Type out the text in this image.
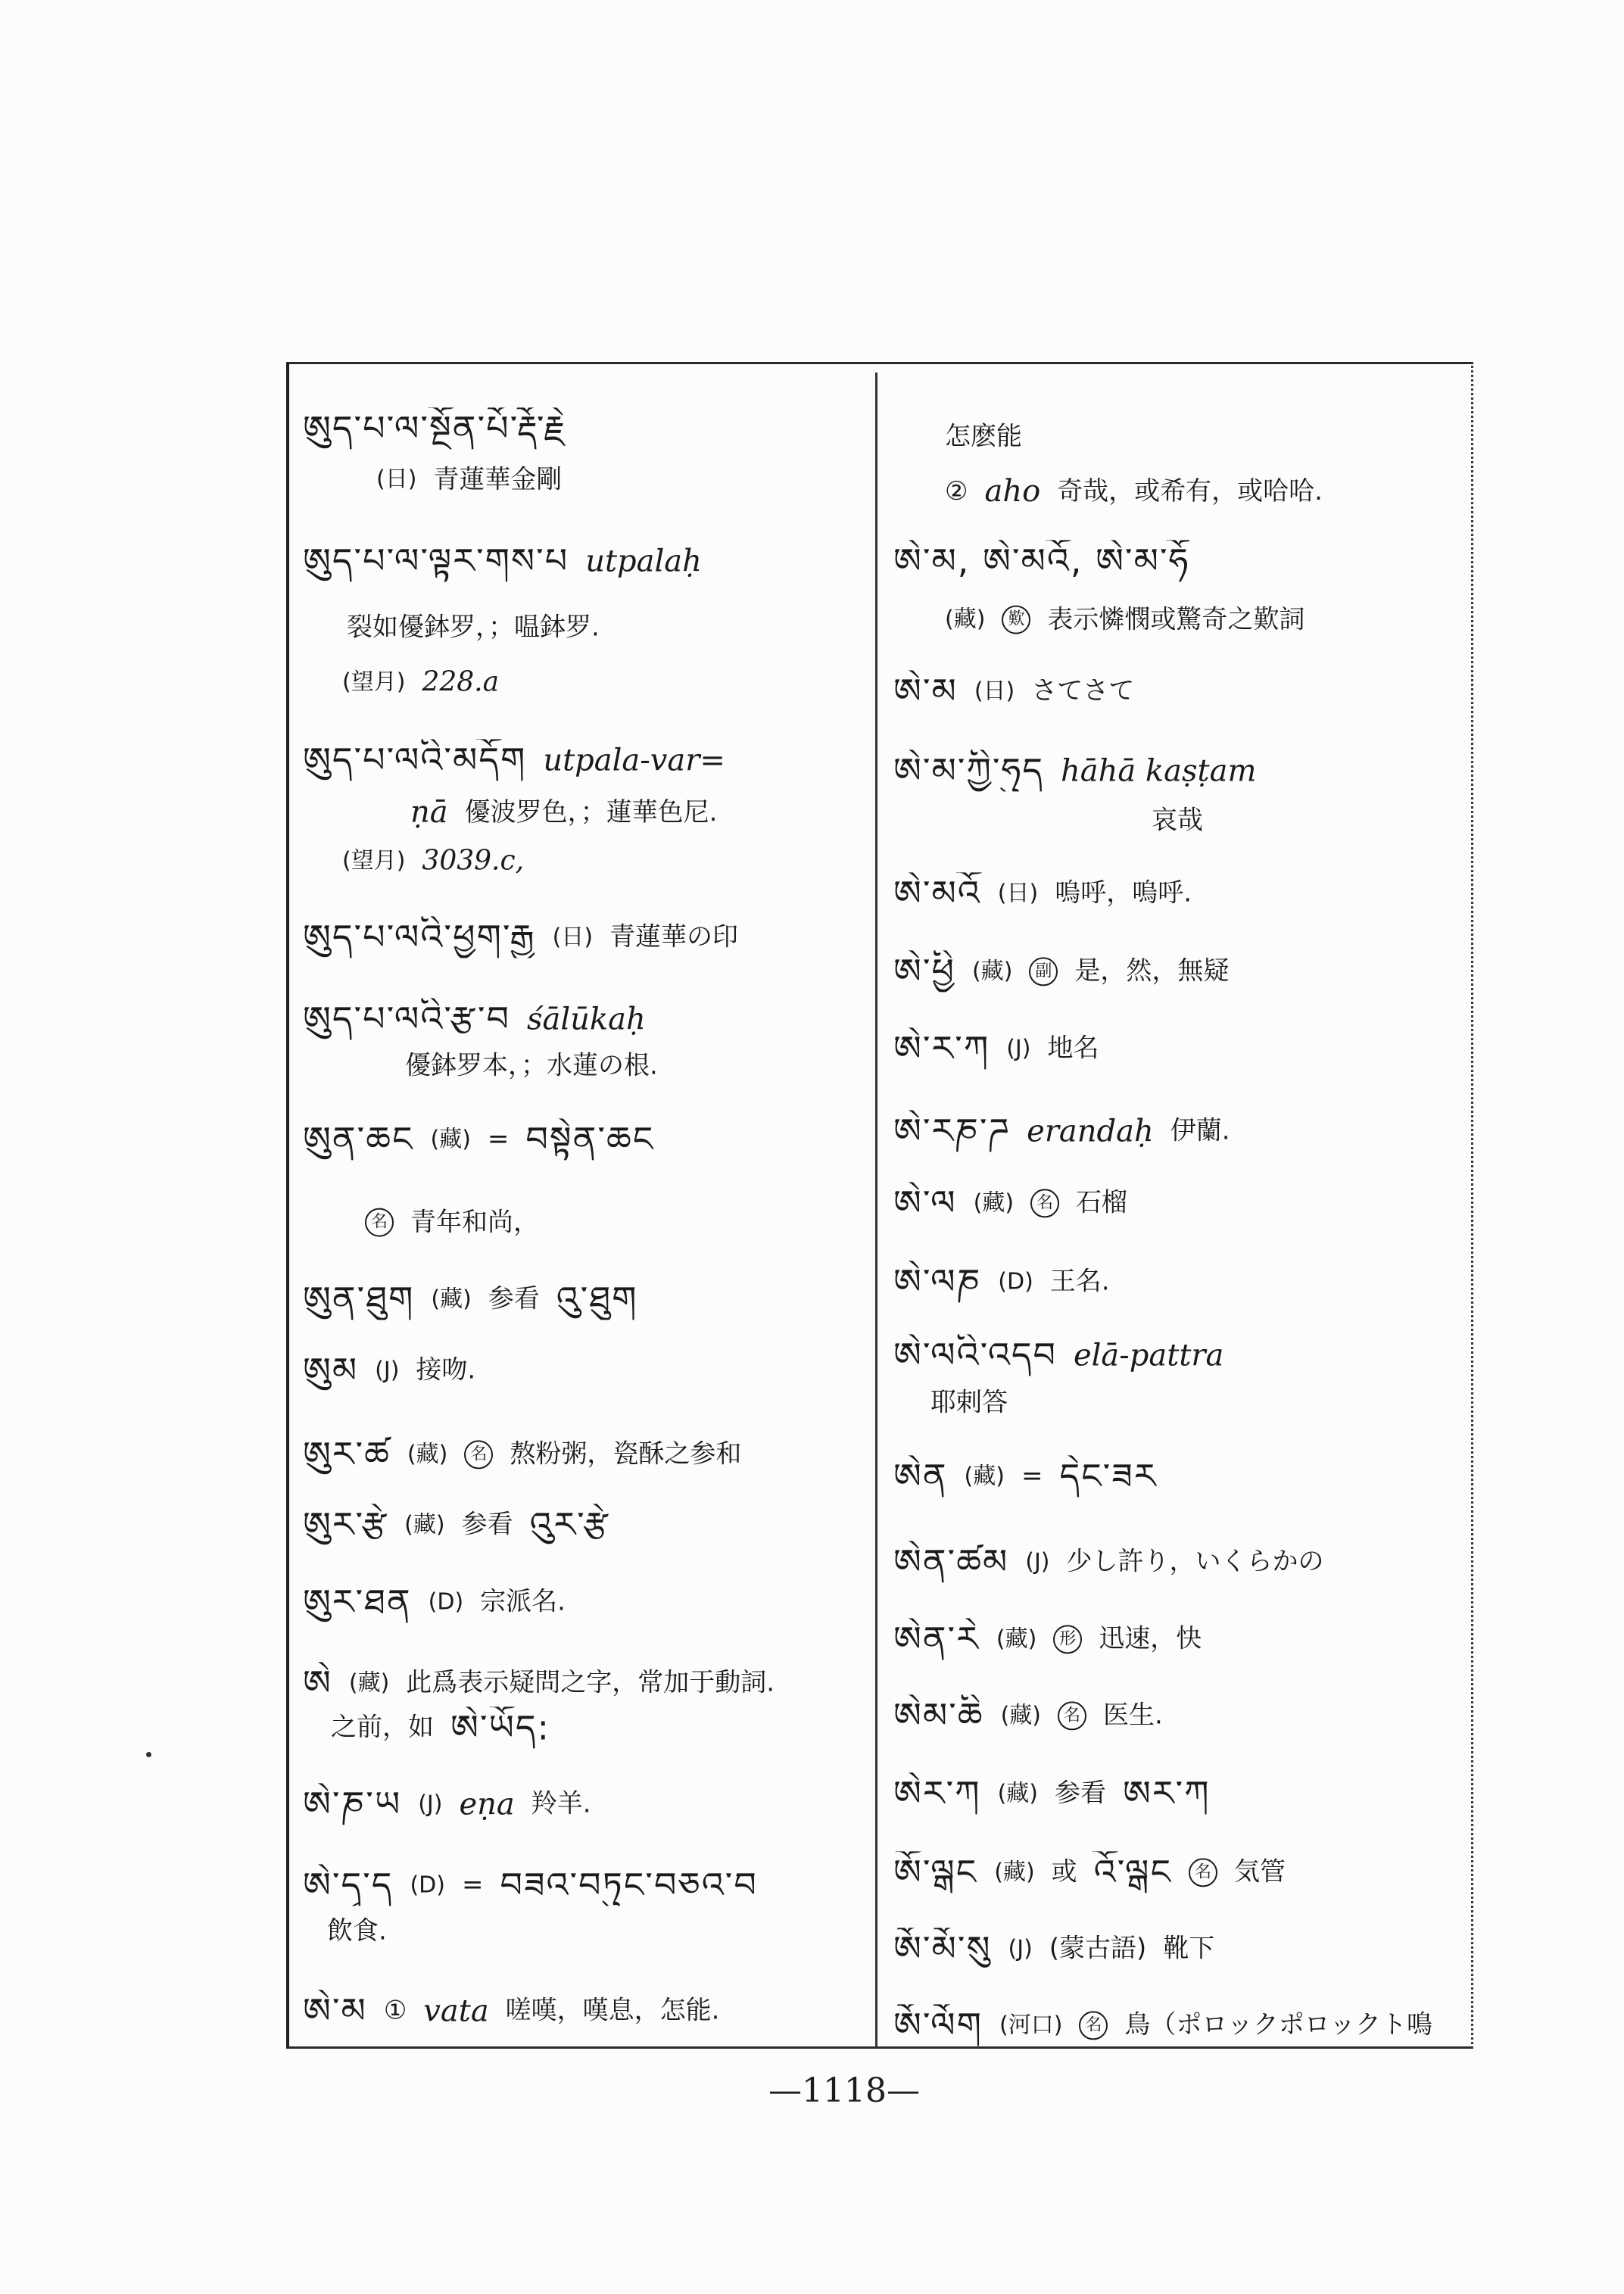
ཨུད་པ་ལ་སྔོན་པོ་རྡོ་རྗེ
(日) 青蓮華金剛
ཨུད་པ་ལ་ལྟར་གས་པ utpalaḥ
裂如優鉢罗，；嗢鉢罗.
(望月) 228.a
ཨུད་པ་ལའི་མདོག utpala-var=
ṇā 優波罗色，；蓮華色尼.
(望月) 3039.c,
ཨུད་པ་ལའི་ཕྱག་རྒྱ (日) 青蓮華の印
ཨུད་པ་ལའི་རྩ་བ śālūkaḥ
優鉢罗本，；水蓮の根.
ཨུན་ཆང (藏) = བསྟེན་ཆང
名 青年和尚，
ཨུན་ཐུག (藏) 参看 འུ་ཐུག
ཨུམ (J) 接吻.
ཨུར་ཚ (藏)	名 熬粉粥，瓷酥之参和
ཨུར་རྩེ (藏) 参看 འུར་རྩེ
ཨུར་ཐན (D) 宗派名.
ཨེ (藏) 此爲表示疑問之字，常加于動詞.
之前，如 ཨེ་ཡོད:
ཨེ་ཎ་ཡ (J) eṇa 羚羊.
ཨེ་དྭ་ད (D) = བཟའ་བཏུང་བཅའ་བ
飲食.
ཨེ་མ ① vata 嗟嘆，嘆息，怎能.
怎麽能
② aho 奇哉，或希有，或哈哈.
ཨེ་མ, ཨེ་མའོ, ཨེ་མ་ཧོ
(藏)	歎 表示憐憫或驚奇之歎詞
ཨེ་མ (日) さてさて
ཨེ་མ་ཀྱི་ཧུད hāhā kaṣṭam
哀哉
ཨེ་མའོ (日) 嗚呼，嗚呼.
ཨེ་ཕྱི (藏)	副 是，然，無疑
ཨེ་ར་ཀ (J) 地名
ཨེ་རཎ་ཌ erandaḥ 伊蘭.
ཨེ་ལ (藏)	名 石榴
ཨེ་ལཎ (D) 王名.
ཨེ་ལའི་འདབ elā-pattra
耶剌答
ཨེན (藏) = དེང་ཟར
ཨེན་ཚམ (J) 少し許り，いくらかの
ཨེན་རེ (藏)	形 迅速，快
ཨེམ་ཆི (藏)	名 医生.
ཨེར་ཀ (藏) 参看 ཨར་ཀ
ཨོ་ལྒང (藏) 或 འོ་ལྒང	名 気管
ཨོ་མོ་སུ (J) (蒙古語) 靴下
ཨོ་ལོག (河口)	名 鳥（ポロックポロックト鳴
—1118—
